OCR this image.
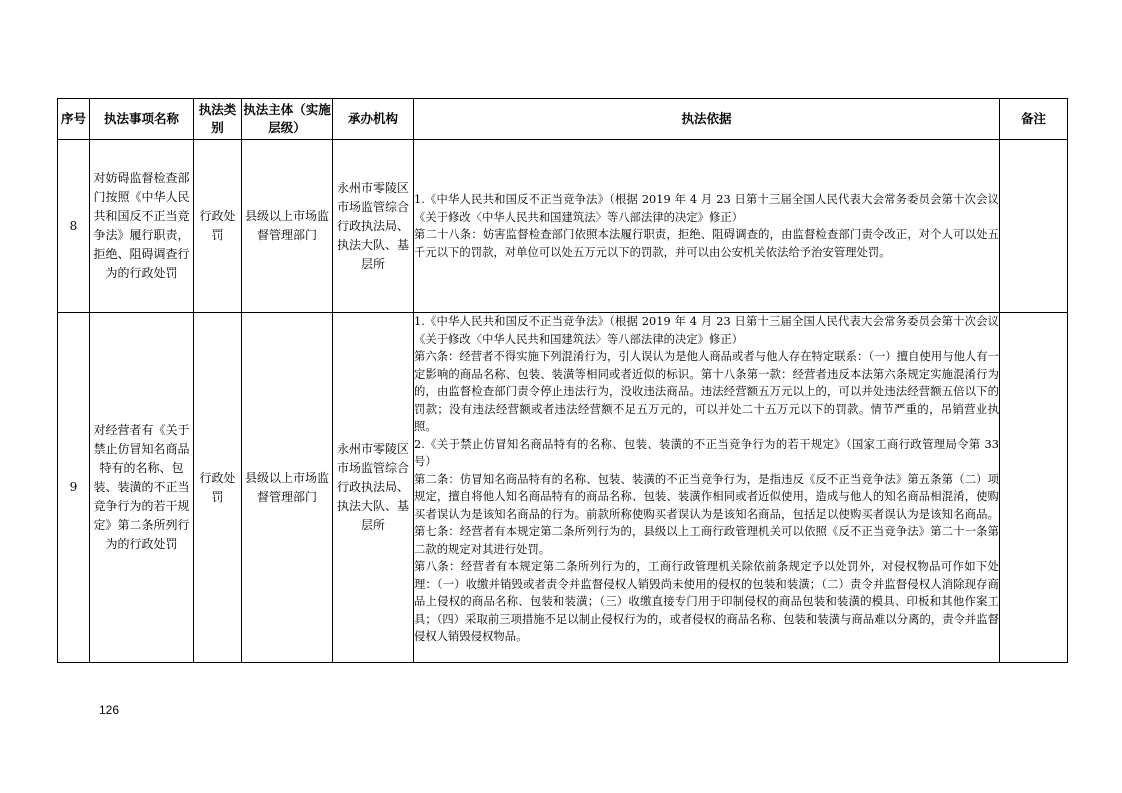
序号	执法事项名称	执法类别	执法主体（实施层级）	承办机构	执法依据	备注
8	对妨碍监督检查部门按照《中华人民共和国反不正当竞争法》履行职责，拒绝、阻碍调查行为的行政处罚	行政处罚	县级以上市场监督管理部门	永州市零陵区市场监管综合行政执法局、执法大队、基层所	1.《中华人民共和国反不正当竞争法》（根据 2019 年 4 月 23 日第十三届全国人民代表大会常务委员会第十次会议《关于修改〈中华人民共和国建筑法〉等八部法律的决定》修正）
第二十八条：妨害监督检查部门依照本法履行职责，拒绝、阻碍调查的，由监督检查部门责令改正，对个人可以处五千元以下的罚款，对单位可以处五万元以下的罚款，并可以由公安机关依法给予治安管理处罚。	

9	对经营者有《关于禁止仿冒知名商品特有的名称、包装、装潢的不正当竞争行为的若干规定》第二条所列行为的行政处罚	行政处罚	县级以上市场监督管理部门	永州市零陵区市场监管综合行政执法局、执法大队、基层所	1.《中华人民共和国反不正当竞争法》（根据 2019 年 4 月 23 日第十三届全国人民代表大会常务委员会第十次会议《关于修改〈中华人民共和国建筑法〉等八部法律的决定》修正）
第六条：经营者不得实施下列混淆行为，引人误认为是他人商品或者与他人存在特定联系：（一）擅自使用与他人有一定影响的商品名称、包装、装潢等相同或者近似的标识。第十八条第一款：经营者违反本法第六条规定实施混淆行为的，由监督检查部门责令停止违法行为，没收违法商品。违法经营额五万元以上的，可以并处违法经营额五倍以下的罚款；没有违法经营额或者违法经营额不足五万元的，可以并处二十五万元以下的罚款。情节严重的，吊销营业执照。
2.《关于禁止仿冒知名商品特有的名称、包装、装潢的不正当竞争行为的若干规定》（国家工商行政管理局令第 33 号）
第二条：仿冒知名商品特有的名称、包装、装潢的不正当竞争行为，是指违反《反不正当竞争法》第五条第（二）项规定，擅自将他人知名商品特有的商品名称、包装、装潢作相同或者近似使用，造成与他人的知名商品相混淆，使购买者误认为是该知名商品的行为。前款所称使购买者误认为是该知名商品，包括足以使购买者误认为是该知名商品。第七条：经营者有本规定第二条所列行为的，县级以上工商行政管理机关可以依照《反不正当竞争法》第二十一条第二款的规定对其进行处罚。
第八条：经营者有本规定第二条所列行为的，工商行政管理机关除依前条规定予以处罚外，对侵权物品可作如下处理：（一）收缴并销毁或者责令并监督侵权人销毁尚未使用的侵权的包装和装潢；（二）责令并监督侵权人消除现存商品上侵权的商品名称、包装和装潢；（三）收缴直接专门用于印制侵权的商品包装和装潢的模具、印板和其他作案工具；（四）采取前三项措施不足以制止侵权行为的，或者侵权的商品名称、包装和装潢与商品难以分离的，责令并监督侵权人销毁侵权物品。	

126
